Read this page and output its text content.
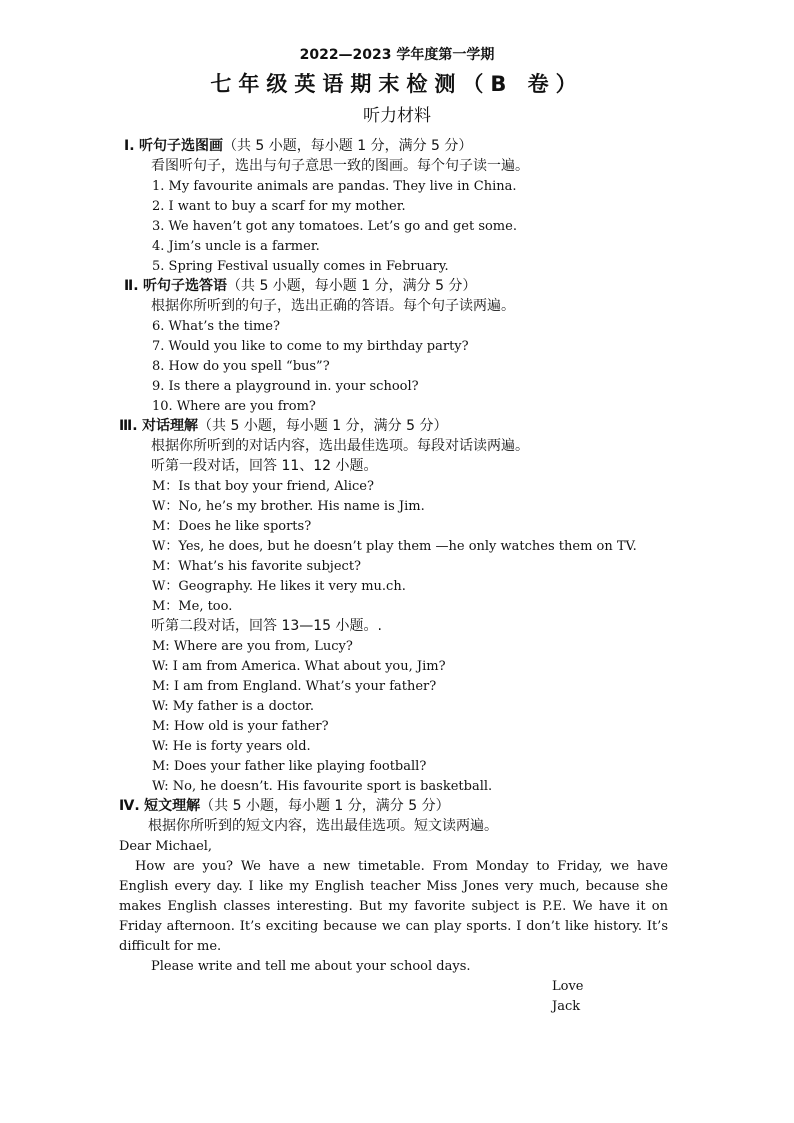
2022—2023 学年度第一学期
七年级英语期末检测（B 卷）
听力材料
Ⅰ. 听句子选图画（共 5 小题，每小题 1 分，满分 5 分）
看图听句子，选出与句子意思一致的图画。每个句子读一遍。
1. My favourite animals are pandas. They live in China.
2. I want to buy a scarf for my mother.
3. We haven’t got any tomatoes. Let’s go and get some.
4. Jim’s uncle is a farmer.
5. Spring Festival usually comes in February.
Ⅱ. 听句子选答语（共 5 小题，每小题 1 分，满分 5 分）
根据你所听到的句子，选出正确的答语。每个句子读两遍。
6. What’s the time?
7. Would you like to come to my birthday party?
8. How do you spell “bus”?
9. Is there a playground in. your school?
10. Where are you from?
Ⅲ. 对话理解（共 5 小题，每小题 1 分，满分 5 分）
根据你所听到的对话内容，选出最佳选项。每段对话读两遍。
听第一段对话，回答 11、12 小题。
M：Is that boy your friend, Alice?
W：No, he’s my brother. His name is Jim.
M：Does he like sports?
W：Yes, he does, but he doesn’t play them —he only watches them on TV.
M：What’s his favorite subject?
W：Geography. He likes it very mu.ch.
M：Me, too.
听第二段对话，回答 13—15 小题。.
M: Where are you from, Lucy?
W: I am from America. What about you, Jim?
M: I am from England. What’s your father?
W: My father is a doctor.
M: How old is your father?
W: He is forty years old.
M: Does your father like playing football?
W: No, he doesn’t. His favourite sport is basketball.
Ⅳ. 短文理解（共 5 小题，每小题 1 分，满分 5 分）
根据你所听到的短文内容，选出最佳选项。短文读两遍。
Dear Michael,
How are you? We have a new timetable. From Monday to Friday, we have English every day. I like my English teacher Miss Jones very much, because she makes English classes interesting. But my favorite subject is P.E. We have it on Friday afternoon. It’s exciting because we can play sports. I don’t like history. It’s difficult for me.
Please write and tell me about your school days.
Love
Jack
